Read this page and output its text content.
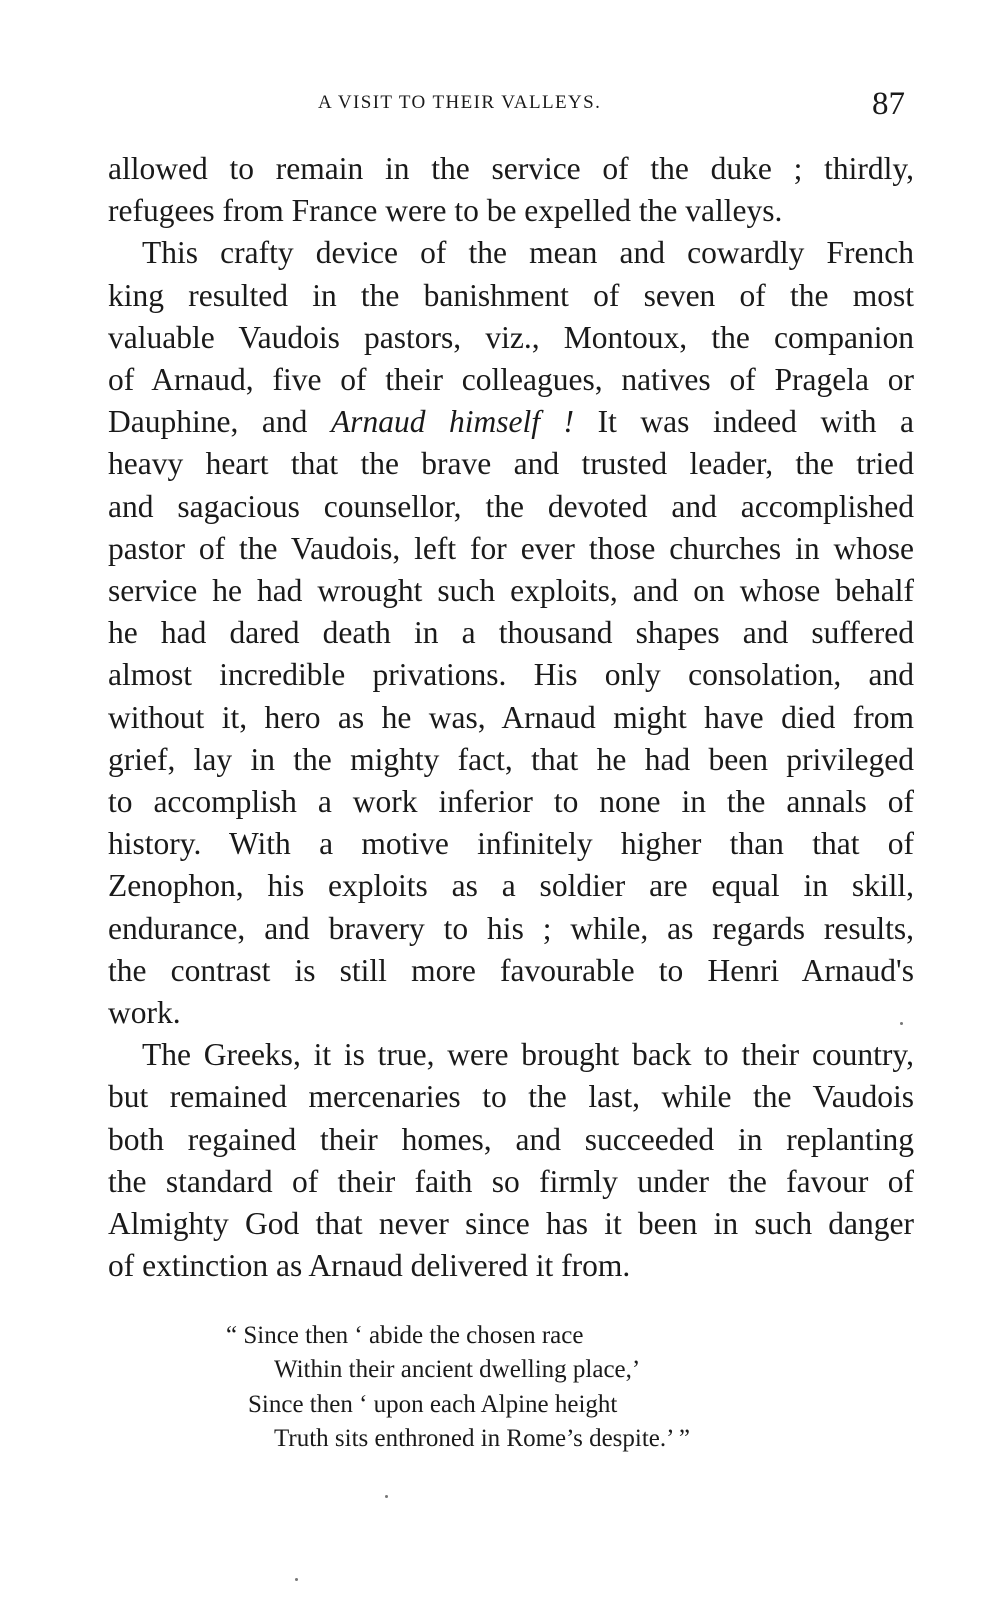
A VISIT TO THEIR VALLEYS.	87
allowed to remain in the service of the duke ; thirdly,
refugees from France were to be expelled the valleys.
This crafty device of the mean and cowardly French
king resulted in the banishment of seven of the most
valuable Vaudois pastors, viz., Montoux, the companion
of Arnaud, five of their colleagues, natives of Pragela or
Dauphine, and Arnaud himself ! It was indeed with a
heavy heart that the brave and trusted leader, the tried
and sagacious counsellor, the devoted and accomplished
pastor of the Vaudois, left for ever those churches in whose
service he had wrought such exploits, and on whose behalf
he had dared death in a thousand shapes and suffered
almost incredible privations. His only consolation, and
without it, hero as he was, Arnaud might have died from
grief, lay in the mighty fact, that he had been privileged
to accomplish a work inferior to none in the annals of
history. With a motive infinitely higher than that of
Zenophon, his exploits as a soldier are equal in skill,
endurance, and bravery to his ; while, as regards results,
the contrast is still more favourable to Henri Arnaud's
work.
The Greeks, it is true, were brought back to their country,
but remained mercenaries to the last, while the Vaudois
both regained their homes, and succeeded in replanting
the standard of their faith so firmly under the favour of
Almighty God that never since has it been in such danger
of extinction as Arnaud delivered it from.
“ Since then ‘ abide the chosen race
Within their ancient dwelling place,’
Since then ‘ upon each Alpine height
Truth sits enthroned in Rome’s despite.’ ”
